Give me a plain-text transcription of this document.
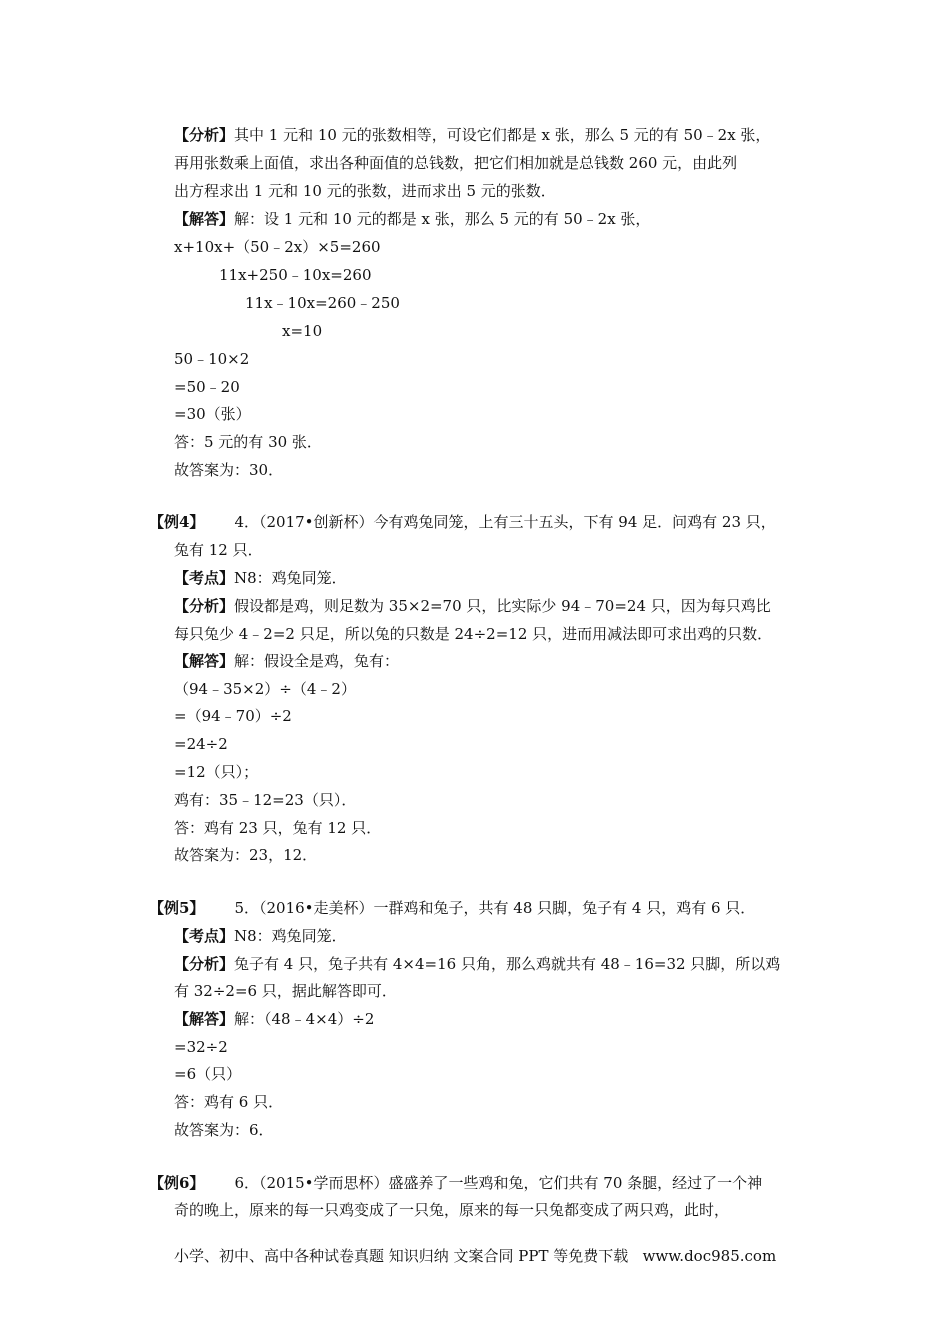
【分析】其中 1 元和 10 元的张数相等，可设它们都是 x 张，那么 5 元的有 50﹣2x 张，
再用张数乘上面值，求出各种面值的总钱数，把它们相加就是总钱数 260 元，由此列
出方程求出 1 元和 10 元的张数，进而求出 5 元的张数．
【解答】解：设 1 元和 10 元的都是 x 张，那么 5 元的有 50﹣2x 张，
x+10x+（50﹣2x）×5=260
11x+250﹣10x=260
11x﹣10x=260﹣250
x=10
50﹣10×2
=50﹣20
=30（张）
答：5 元的有 30 张．
故答案为：30．
【例4】 4．（2017•创新杯）今有鸡兔同笼，上有三十五头，下有 94 足．问鸡有 23 只，
兔有 12 只．
【考点】N8：鸡兔同笼．
【分析】假设都是鸡，则足数为 35×2=70 只，比实际少 94﹣70=24 只，因为每只鸡比
每只兔少 4﹣2=2 只足，所以兔的只数是 24÷2=12 只，进而用减法即可求出鸡的只数．
【解答】解：假设全是鸡，兔有：
（94﹣35×2）÷（4﹣2）
=（94﹣70）÷2
=24÷2
=12（只）；
鸡有：35﹣12=23（只）．
答：鸡有 23 只，兔有 12 只．
故答案为：23，12．
【例5】 5．（2016•走美杯）一群鸡和兔子，共有 48 只脚，兔子有 4 只，鸡有 6 只．
【考点】N8：鸡兔同笼．
【分析】兔子有 4 只，兔子共有 4×4=16 只角，那么鸡就共有 48﹣16=32 只脚，所以鸡
有 32÷2=6 只，据此解答即可．
【解答】解：（48﹣4×4）÷2
=32÷2
=6（只）
答：鸡有 6 只．
故答案为：6．
【例6】 6．（2015•学而思杯）盛盛养了一些鸡和兔，它们共有 70 条腿，经过了一个神
奇的晚上，原来的每一只鸡变成了一只兔，原来的每一只兔都变成了两只鸡，此时，
小学、初中、高中各种试卷真题 知识归纳 文案合同 PPT 等免费下载   www.doc985.com
